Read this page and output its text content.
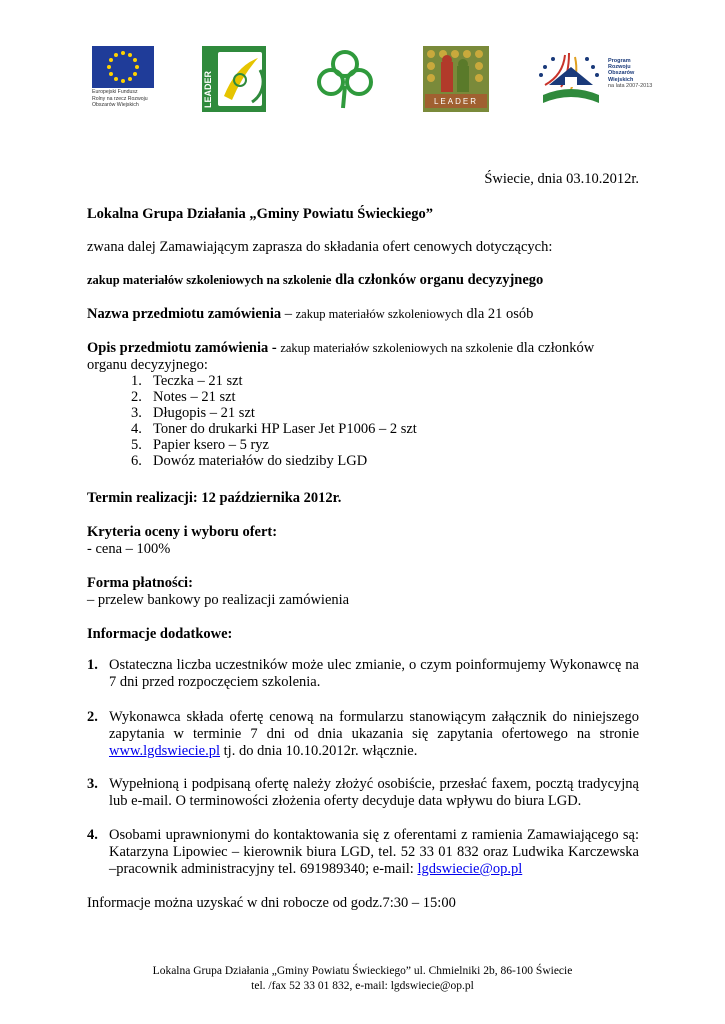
Europejski Fundusz
Rolny na rzecz Rozwoju
Obszarów Wiejskich	LEADER	LEADER
Program
Rozwoju
Obszarów
Wiejskich
na lata 2007-2013
Świecie, dnia 03.10.2012r.
Lokalna Grupa Działania „Gminy Powiatu Świeckiego”
zwana dalej Zamawiającym zaprasza do składania ofert cenowych dotyczących:
zakup materiałów szkoleniowych na szkolenie dla członków organu decyzyjnego
Nazwa przedmiotu zamówienia – zakup materiałów szkoleniowych dla 21 osób
Opis przedmiotu zamówienia - zakup materiałów szkoleniowych na szkolenie dla członków
organu decyzyjnego:
1. Teczka – 21 szt
2. Notes – 21 szt
3. Długopis – 21 szt
4. Toner do drukarki HP Laser Jet P1006 – 2 szt
5. Papier ksero – 5 ryz
6. Dowóz materiałów do siedziby LGD
Termin realizacji: 12 października 2012r.
Kryteria oceny i wyboru ofert:
- cena – 100%
Forma płatności:
– przelew bankowy po realizacji zamówienia
Informacje dodatkowe:
1. Ostateczna liczba uczestników może ulec zmianie, o czym poinformujemy Wykonawcę na 7 dni przed rozpoczęciem szkolenia.
2. Wykonawca składa ofertę cenową na formularzu stanowiącym załącznik do niniejszego zapytania w terminie 7 dni od dnia ukazania się zapytania ofertowego na stronie www.lgdswiecie.pl tj. do dnia 10.10.2012r. włącznie.
3. Wypełnioną i podpisaną ofertę należy złożyć osobiście, przesłać faxem, pocztą tradycyjną lub e-mail. O terminowości złożenia oferty decyduje data wpływu do biura LGD.
4. Osobami uprawnionymi do kontaktowania się z oferentami z ramienia Zamawiającego są: Katarzyna Lipowiec – kierownik biura LGD, tel. 52 33 01 832 oraz Ludwika Karczewska –pracownik administracyjny tel. 691989340; e-mail: lgdswiecie@op.pl
Informacje można uzyskać w dni robocze od godz.7:30 – 15:00
Lokalna Grupa Działania „Gminy Powiatu Świeckiego” ul. Chmielniki 2b, 86-100 Świecie
tel. /fax 52 33 01 832, e-mail: lgdswiecie@op.pl
